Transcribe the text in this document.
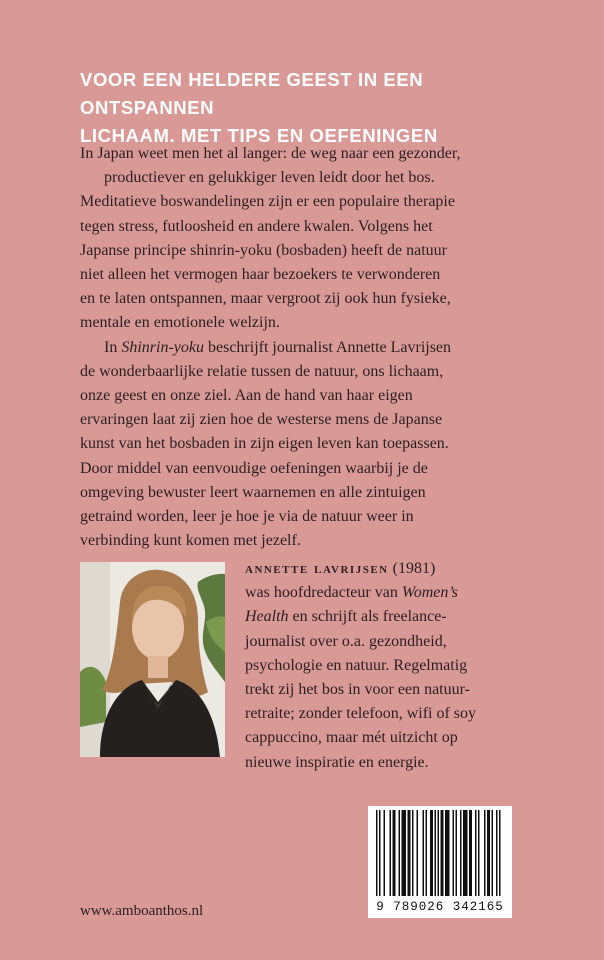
VOOR EEN HELDERE GEEST IN EEN ONTSPANNEN
LICHAAM. MET TIPS EN OEFENINGEN

In Japan weet men het al langer: de weg naar een gezonder,
productiever en gelukkiger leven leidt door het bos.
Meditatieve boswandelingen zijn er een populaire therapie
tegen stress, futloosheid en andere kwalen. Volgens het
Japanse principe shinrin-yoku (bosbaden) heeft de natuur
niet alleen het vermogen haar bezoekers te verwonderen
en te laten ontspannen, maar vergroot zij ook hun fysieke,
mentale en emotionele welzijn.

In Shinrin-yoku beschrijft journalist Annette Lavrijsen
de wonderbaarlijke relatie tussen de natuur, ons lichaam,
onze geest en onze ziel. Aan de hand van haar eigen
ervaringen laat zij zien hoe de westerse mens de Japanse
kunst van het bosbaden in zijn eigen leven kan toepassen.
Door middel van eenvoudige oefeningen waarbij je de
omgeving bewuster leert waarnemen en alle zintuigen
getraind worden, leer je hoe je via de natuur weer in
verbinding kunt komen met jezelf.

annette lavrijsen (1981)
was hoofdredacteur van Women’s
Health en schrijft als freelance-
journalist over o.a. gezondheid,
psychologie en natuur. Regelmatig
trekt zij het bos in voor een natuur-
retraite; zonder telefoon, wifi of soy
cappuccino, maar mét uitzicht op
nieuwe inspiratie en energie.
www.amboanthos.nl	9 789026 342165
